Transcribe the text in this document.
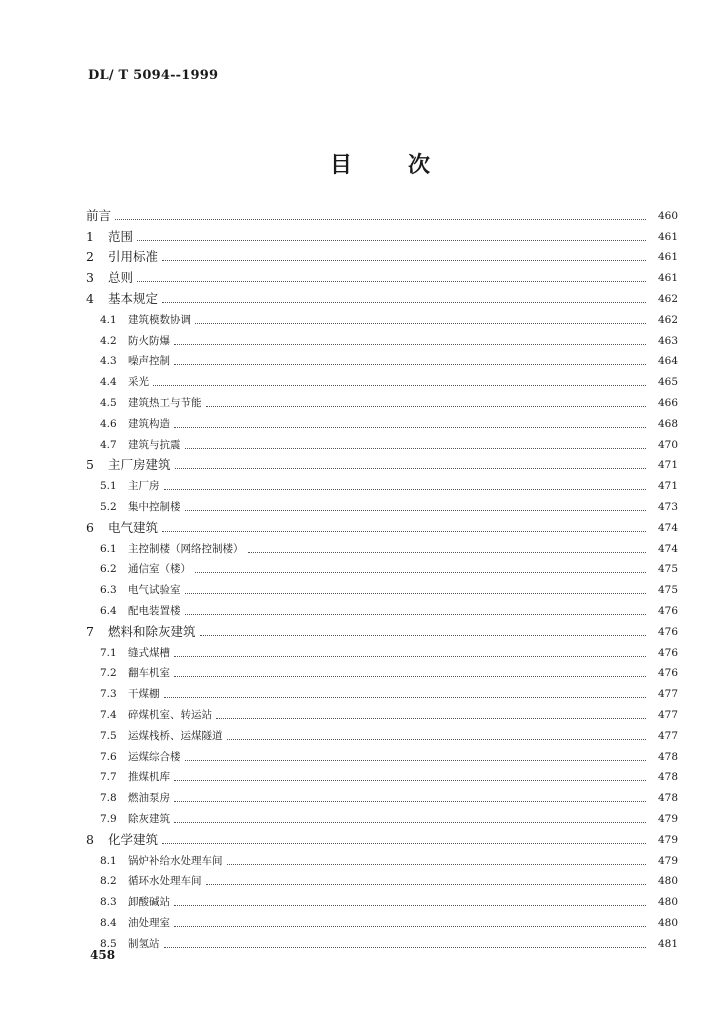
DL/ T 5094--1999
目	次
前言	460
1	范围	461
2	引用标准	461
3	总则	461
4	基本规定	462
4.1	建筑模数协调	462
4.2	防火防爆	463
4.3	噪声控制	464
4.4	采光	465
4.5	建筑热工与节能	466
4.6	建筑构造	468
4.7	建筑与抗震	470
5	主厂房建筑	471
5.1	主厂房	471
5.2	集中控制楼	473
6	电气建筑	474
6.1	主控制楼（网络控制楼）	474
6.2	通信室（楼）	475
6.3	电气试验室	475
6.4	配电装置楼	476
7	燃料和除灰建筑	476
7.1	缝式煤槽	476
7.2	翻车机室	476
7.3	干煤棚	477
7.4	碎煤机室、转运站	477
7.5	运煤栈桥、运煤隧道	477
7.6	运煤综合楼	478
7.7	推煤机库	478
7.8	燃油泵房	478
7.9	除灰建筑	479
8	化学建筑	479
8.1	锅炉补给水处理车间	479
8.2	循环水处理车间	480
8.3	卸酸碱站	480
8.4	油处理室	480
8.5	制氢站	481
458
